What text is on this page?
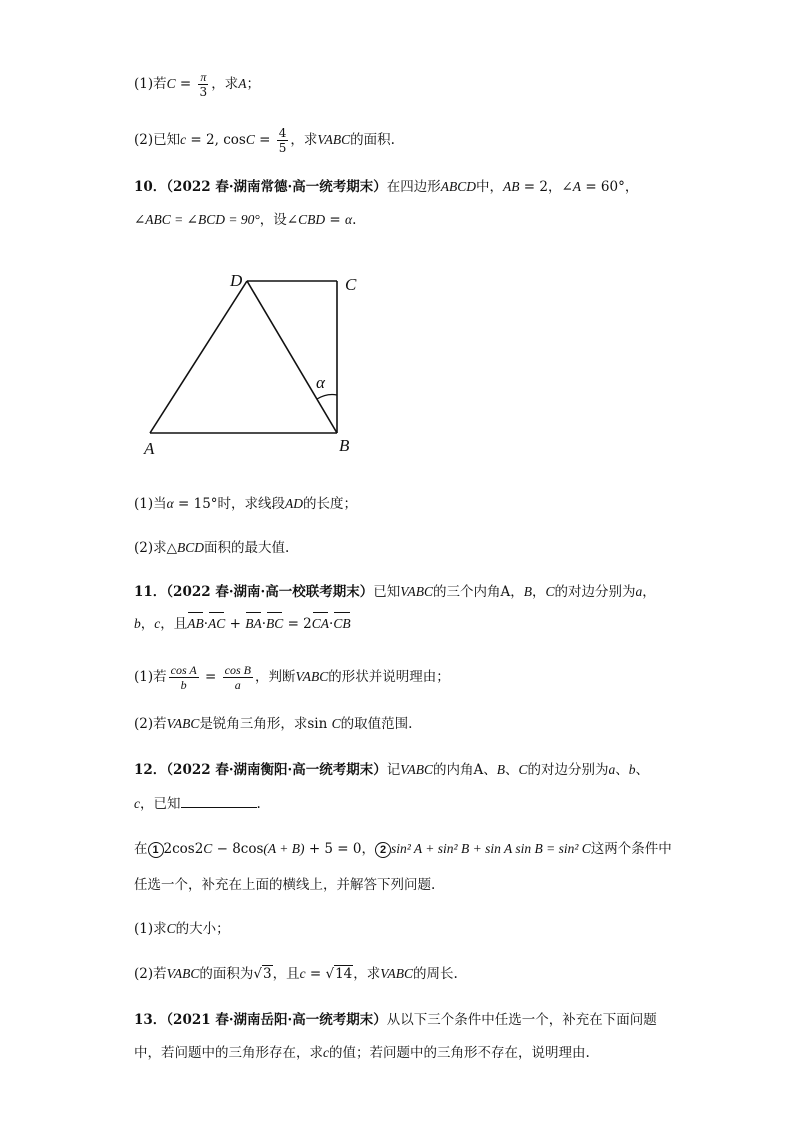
(1)若$C = \frac{\pi}{3}$ ，求A；
(2)已知c = 2, $\cos C = \frac{4}{5}$ ，求VABC的面积.
10．（2022 春·湖南常德·高一统考期末）在四边形ABCD中，AB = 2，∠A = 60°，
∠ABC = ∠BCD = 90°，设∠CBD = α.
D	C
A	B
α
(1)当α = 15°时，求线段AD的长度；
(2)求△BCD面积的最大值.
11．（2022 春·湖南·高一校联考期末）已知VABC的三个内角A，B，C的对边分别为a，
b，c，且AB·AC + BA·BC = 2CA·CB
(1)若 $\frac{\text{cos A}}{b} = \frac{\text{cos B}}{a}$ ，判断VABC的形状并说明理由；
(2)若VABC是锐角三角形，求sin C的取值范围.
12．（2022 春·湖南衡阳·高一统考期末）记VABC的内角A、B、C的对边分别为a、b、
c，已知	.
在 1 2cos2C − 8cos(A + B) + 5 = 0， 2 sin² A + sin² B + sin A sin B = sin² C这两个条件中
任选一个，补充在上面的横线上，并解答下列问题.
(1)求C的大小；
(2)若VABC的面积为√3，且c = √14，求VABC的周长.
13．（2021 春·湖南岳阳·高一统考期末）从以下三个条件中任选一个，补充在下面问题
中，若问题中的三角形存在，求c的值；若问题中的三角形不存在，说明理由.
